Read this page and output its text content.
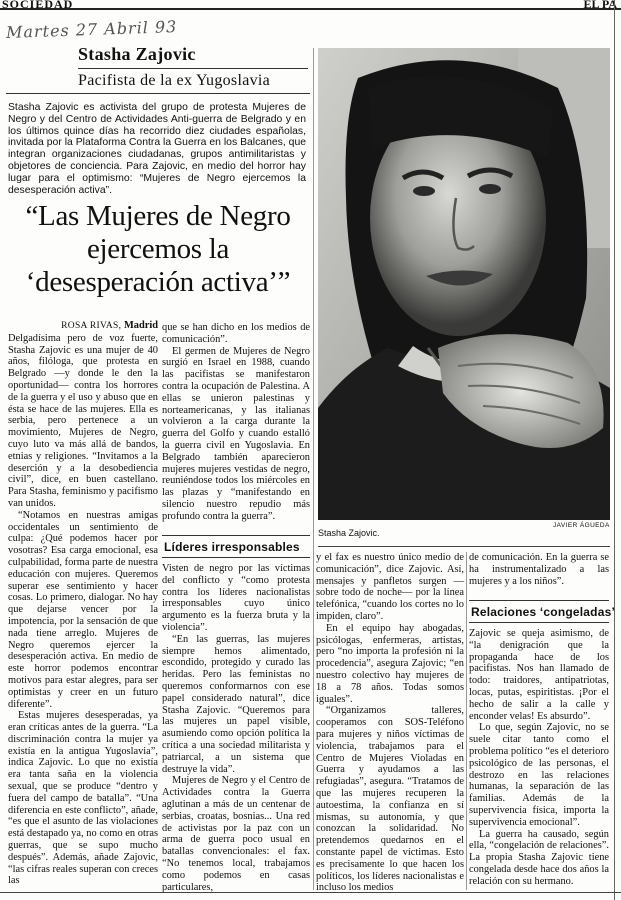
SOCIEDAD	EL PA
Martes 27 Abril 93
Stasha Zajovic
Pacifista de la ex Yugoslavia
Stasha Zajovic es activista del grupo de protesta Mujeres de Negro y del Centro de Actividades Anti-guerra de Belgrado y en los últimos quince días ha recorrido diez ciudades españolas, invitada por la Plataforma Contra la Guerra en los Balcanes, que integran organizaciones ciudadanas, grupos antimilitaristas y objetores de conciencia. Para Zajovic, en medio del horror hay lugar para el optimismo: “Mujeres de Negro ejercemos la desesperación activa”.
“Las Mujeres de Negro
ejercemos la
‘desesperación activa’”

ROSA RIVAS, Madrid

Delgadísima pero de voz fuerte, Stasha Zajovic es una mujer de 40 años, filóloga, que protesta en Belgrado —y donde le den la oportunidad— contra los horrores de la guerra y el uso y abuso que en ésta se hace de las mujeres. Ella es serbia, pero pertenece a un movimiento, Mujeres de Negro, cuyo luto va más allá de bandos, etnias y religiones. “Invitamos a la deserción y a la desobediencia civil”, dice, en buen castellano. Para Stasha, feminismo y pacifismo van unidos.

“Notamos en nuestras amigas occidentales un sentimiento de culpa: ¿Qué podemos hacer por vosotras? Esa carga emocional, esa culpabilidad, forma parte de nuestra educación con mujeres. Queremos superar ese sentimiento y hacer cosas. Lo primero, dialogar. No hay que dejarse vencer por la impotencia, por la sensación de que nada tiene arreglo. Mujeres de Negro queremos ejercer la desesperación activa. En medio de este horror podemos encontrar motivos para estar alegres, para ser optimistas y creer en un futuro diferente”.

Estas mujeres desesperadas, ya eran críticas antes de la guerra. “La discriminación contra la mujer ya existía en la antigua Yugoslavia”, indica Zajovic. Lo que no existía era tanta saña en la violencia sexual, que se produce “dentro y fuera del campo de batalla”. “Una diferencia en este conflicto”, añade, “es que el asunto de las violaciones está destapado ya, no como en otras guerras, que se supo mucho después”. Además, añade Zajovic, “las cifras reales superan con creces las

que se han dicho en los medios de comunicación”.

El germen de Mujeres de Negro surgió en Israel en 1988, cuando las pacifistas se manifestaron contra la ocupación de Palestina. A ellas se unieron palestinas y norteamericanas, y las italianas volvieron a la carga durante la guerra del Golfo y cuando estalló la guerra civil en Yugoslavia. En Belgrado también aparecieron mujeres mujeres vestidas de negro, reuniéndose todos los miércoles en las plazas y “manifestando en silencio nuestro repudio más profundo contra la guerra”.

Líderes irresponsables

Visten de negro por las víctimas del conflicto y “como protesta contra los líderes nacionalistas irresponsables cuyo único argumento es la fuerza bruta y la violencia”.

“En las guerras, las mujeres siempre hemos alimentado, escondido, protegido y curado las heridas. Pero las feministas no queremos conformarnos con ese papel considerado natural”, dice Stasha Zajovic. “Queremos para las mujeres un papel visible, asumiendo como opción política la crítica a una sociedad militarista y patriarcal, a un sistema que destruye la vida”.

Mujeres de Negro y el Centro de Actividades contra la Guerra aglutinan a más de un centenar de serbias, croatas, bosnias... Una red de activistas por la paz con un arma de guerra poco usual en batallas convencionales: el fax. “No tenemos local, trabajamos como podemos en casas particulares,

JAVIER ÁGUEDA
Stasha Zajovic.

y el fax es nuestro único medio de comunicación”, dice Zajovic. Así, mensajes y panfletos surgen —sobre todo de noche— por la línea telefónica, “cuando los cortes no lo impiden, claro”.

En el equipo hay abogadas, psicólogas, enfermeras, artistas, pero “no importa la profesión ni la procedencia”, asegura Zajovic; “en nuestro colectivo hay mujeres de 18 a 78 años. Todas somos iguales”.

“Organizamos talleres, cooperamos con SOS-Teléfono para mujeres y niños víctimas de violencia, trabajamos para el Centro de Mujeres Violadas en Guerra y ayudamos a las refugiadas”, asegura. “Tratamos de que las mujeres recuperen la autoestima, la confianza en sí mismas, su autonomía, y que conozcan la solidaridad. No pretendemos quedarnos en el constante papel de víctimas. Esto es precisamente lo que hacen los políticos, los líderes nacionalistas e incluso los medios

de comunicación. En la guerra se ha instrumentalizado a las mujeres y a los niños”.

Relaciones ‘congeladas’

Zajovic se queja asimismo, de “la denigración que la propaganda hace de los pacifistas. Nos han llamado de todo: traidores, antipatriotas, locas, putas, espiritistas. ¡Por el hecho de salir a la calle y enconder velas! Es absurdo”.

Lo que, según Zajovic, no se suele citar tanto como el problema político “es el deterioro psicológico de las personas, el destrozo en las relaciones humanas, la separación de las familias. Además de la supervivencia física, importa la supervivencia emocional”.

La guerra ha causado, según ella, “congelación de relaciones”. La propia Stasha Zajovic tiene congelada desde hace dos años la relación con su hermano.
